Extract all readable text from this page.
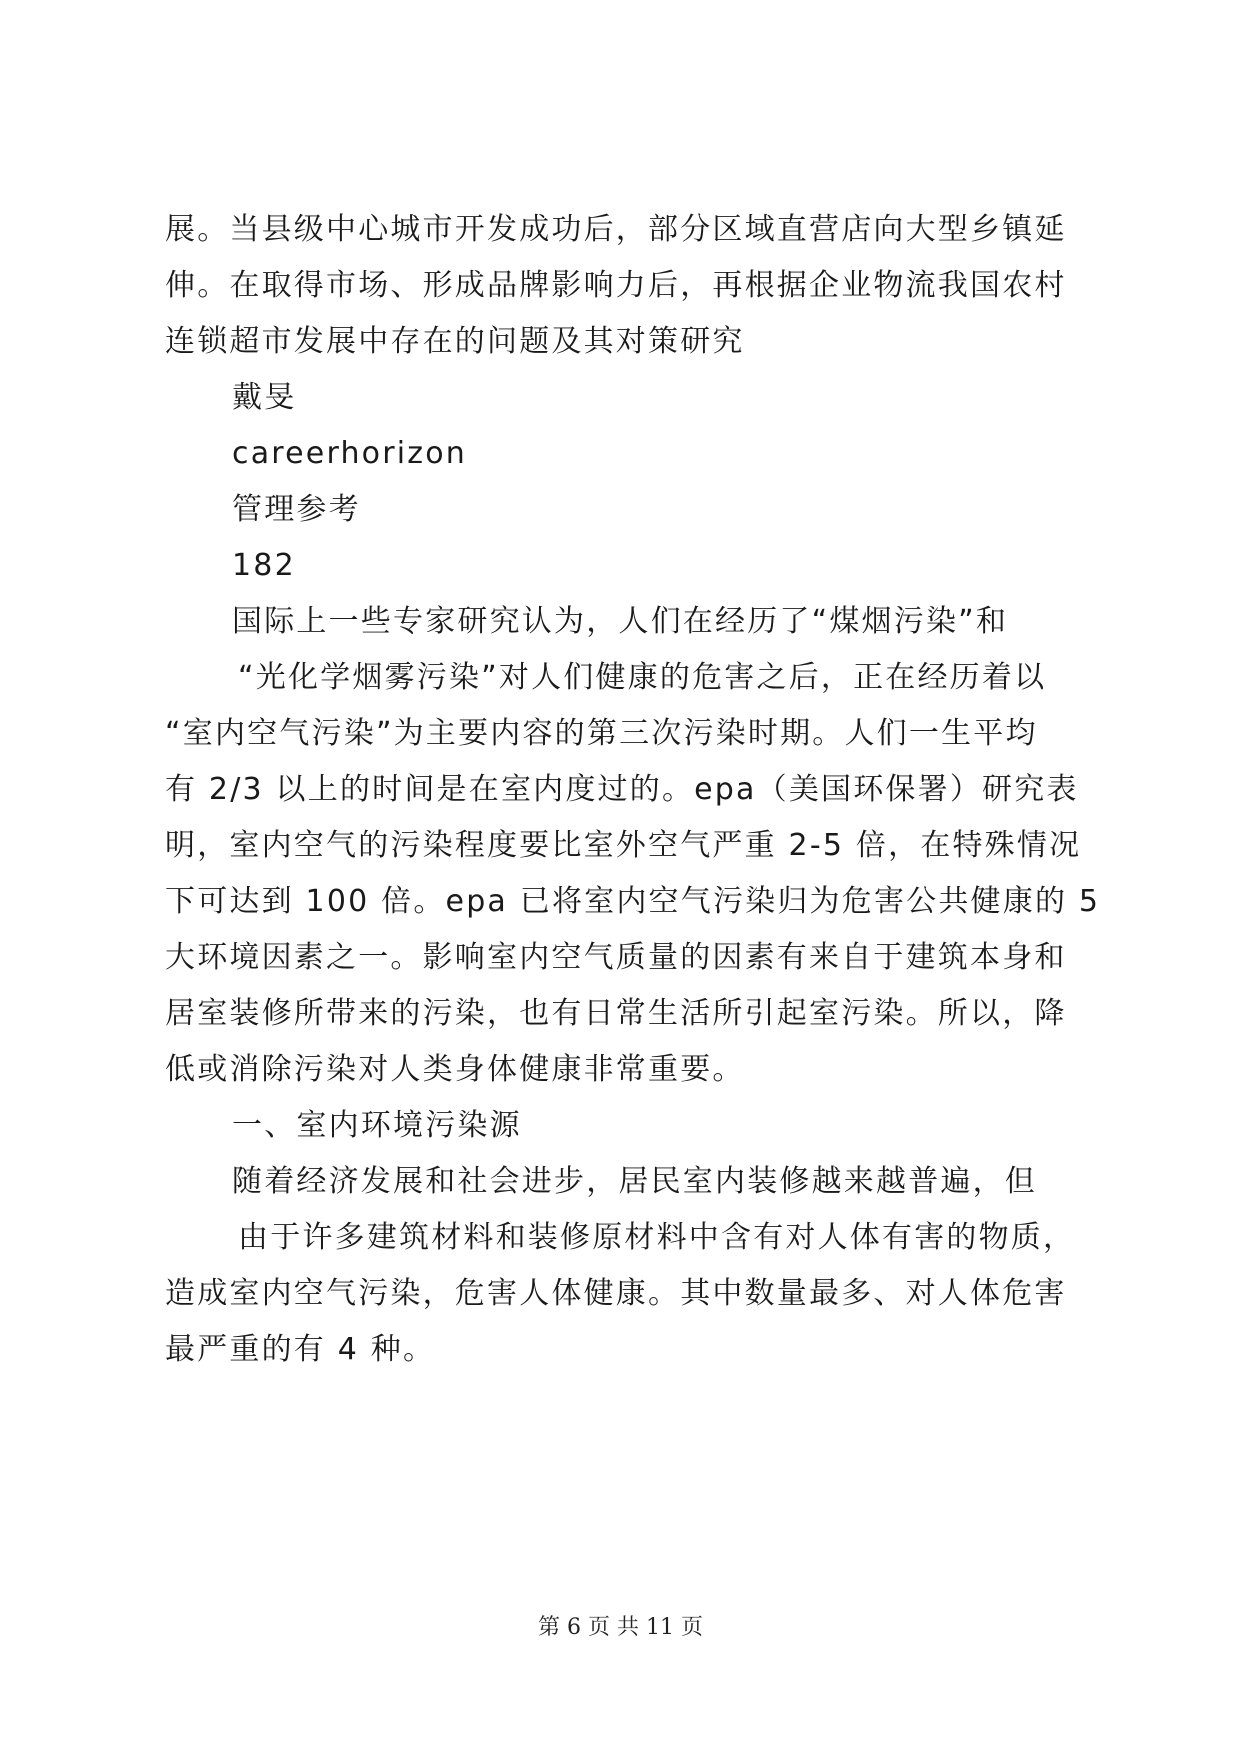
展。当县级中心城市开发成功后，部分区域直营店向大型乡镇延
伸。在取得市场、形成品牌影响力后，再根据企业物流我国农村
连锁超市发展中存在的问题及其对策研究
戴旻
careerhorizon
管理参考
182
国际上一些专家研究认为，人们在经历了“煤烟污染”和
“光化学烟雾污染”对人们健康的危害之后，正在经历着以
“室内空气污染”为主要内容的第三次污染时期。人们一生平均
有 2/3 以上的时间是在室内度过的。epa（美国环保署）研究表
明，室内空气的污染程度要比室外空气严重 2-5 倍，在特殊情况
下可达到 100 倍。epa 已将室内空气污染归为危害公共健康的 5
大环境因素之一。影响室内空气质量的因素有来自于建筑本身和
居室装修所带来的污染，也有日常生活所引起室污染。所以，降
低或消除污染对人类身体健康非常重要。
一、室内环境污染源
随着经济发展和社会进步，居民室内装修越来越普遍，但
由于许多建筑材料和装修原材料中含有对人体有害的物质，
造成室内空气污染，危害人体健康。其中数量最多、对人体危害
最严重的有 4 种。
第 6 页 共 11 页
